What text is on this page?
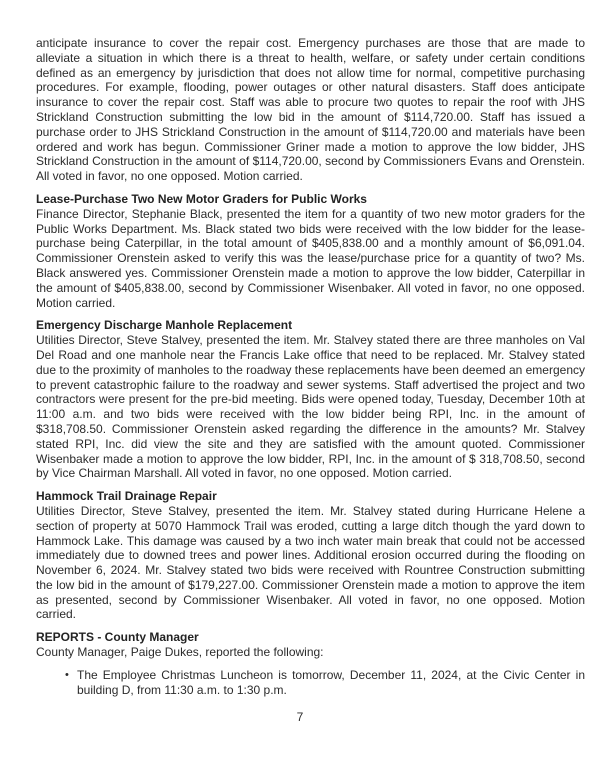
anticipate insurance to cover the repair cost. Emergency purchases are those that are made to alleviate a situation in which there is a threat to health, welfare, or safety under certain conditions defined as an emergency by jurisdiction that does not allow time for normal, competitive purchasing procedures. For example, flooding, power outages or other natural disasters. Staff does anticipate insurance to cover the repair cost. Staff was able to procure two quotes to repair the roof with JHS Strickland Construction submitting the low bid in the amount of $114,720.00. Staff has issued a purchase order to JHS Strickland Construction in the amount of $114,720.00 and materials have been ordered and work has begun. Commissioner Griner made a motion to approve the low bidder, JHS Strickland Construction in the amount of $114,720.00, second by Commissioners Evans and Orenstein. All voted in favor, no one opposed. Motion carried.

Lease-Purchase Two New Motor Graders for Public Works

Finance Director, Stephanie Black, presented the item for a quantity of two new motor graders for the Public Works Department. Ms. Black stated two bids were received with the low bidder for the lease-purchase being Caterpillar, in the total amount of $405,838.00 and a monthly amount of $6,091.04. Commissioner Orenstein asked to verify this was the lease/purchase price for a quantity of two? Ms. Black answered yes. Commissioner Orenstein made a motion to approve the low bidder, Caterpillar in the amount of $405,838.00, second by Commissioner Wisenbaker. All voted in favor, no one opposed. Motion carried.

Emergency Discharge Manhole Replacement

Utilities Director, Steve Stalvey, presented the item. Mr. Stalvey stated there are three manholes on Val Del Road and one manhole near the Francis Lake office that need to be replaced. Mr. Stalvey stated due to the proximity of manholes to the roadway these replacements have been deemed an emergency to prevent catastrophic failure to the roadway and sewer systems. Staff advertised the project and two contractors were present for the pre-bid meeting. Bids were opened today, Tuesday, December 10th at 11:00 a.m. and two bids were received with the low bidder being RPI, Inc. in the amount of $318,708.50. Commissioner Orenstein asked regarding the difference in the amounts? Mr. Stalvey stated RPI, Inc. did view the site and they are satisfied with the amount quoted. Commissioner Wisenbaker made a motion to approve the low bidder, RPI, Inc. in the amount of $ 318,708.50, second by Vice Chairman Marshall. All voted in favor, no one opposed. Motion carried.

Hammock Trail Drainage Repair

Utilities Director, Steve Stalvey, presented the item. Mr. Stalvey stated during Hurricane Helene a section of property at 5070 Hammock Trail was eroded, cutting a large ditch though the yard down to Hammock Lake. This damage was caused by a two inch water main break that could not be accessed immediately due to downed trees and power lines. Additional erosion occurred during the flooding on November 6, 2024. Mr. Stalvey stated two bids were received with Rountree Construction submitting the low bid in the amount of $179,227.00. Commissioner Orenstein made a motion to approve the item as presented, second by Commissioner Wisenbaker. All voted in favor, no one opposed. Motion carried.

REPORTS - County Manager

County Manager, Paige Dukes, reported the following:

• The Employee Christmas Luncheon is tomorrow, December 11, 2024, at the Civic Center in building D, from 11:30 a.m. to 1:30 p.m.
7
